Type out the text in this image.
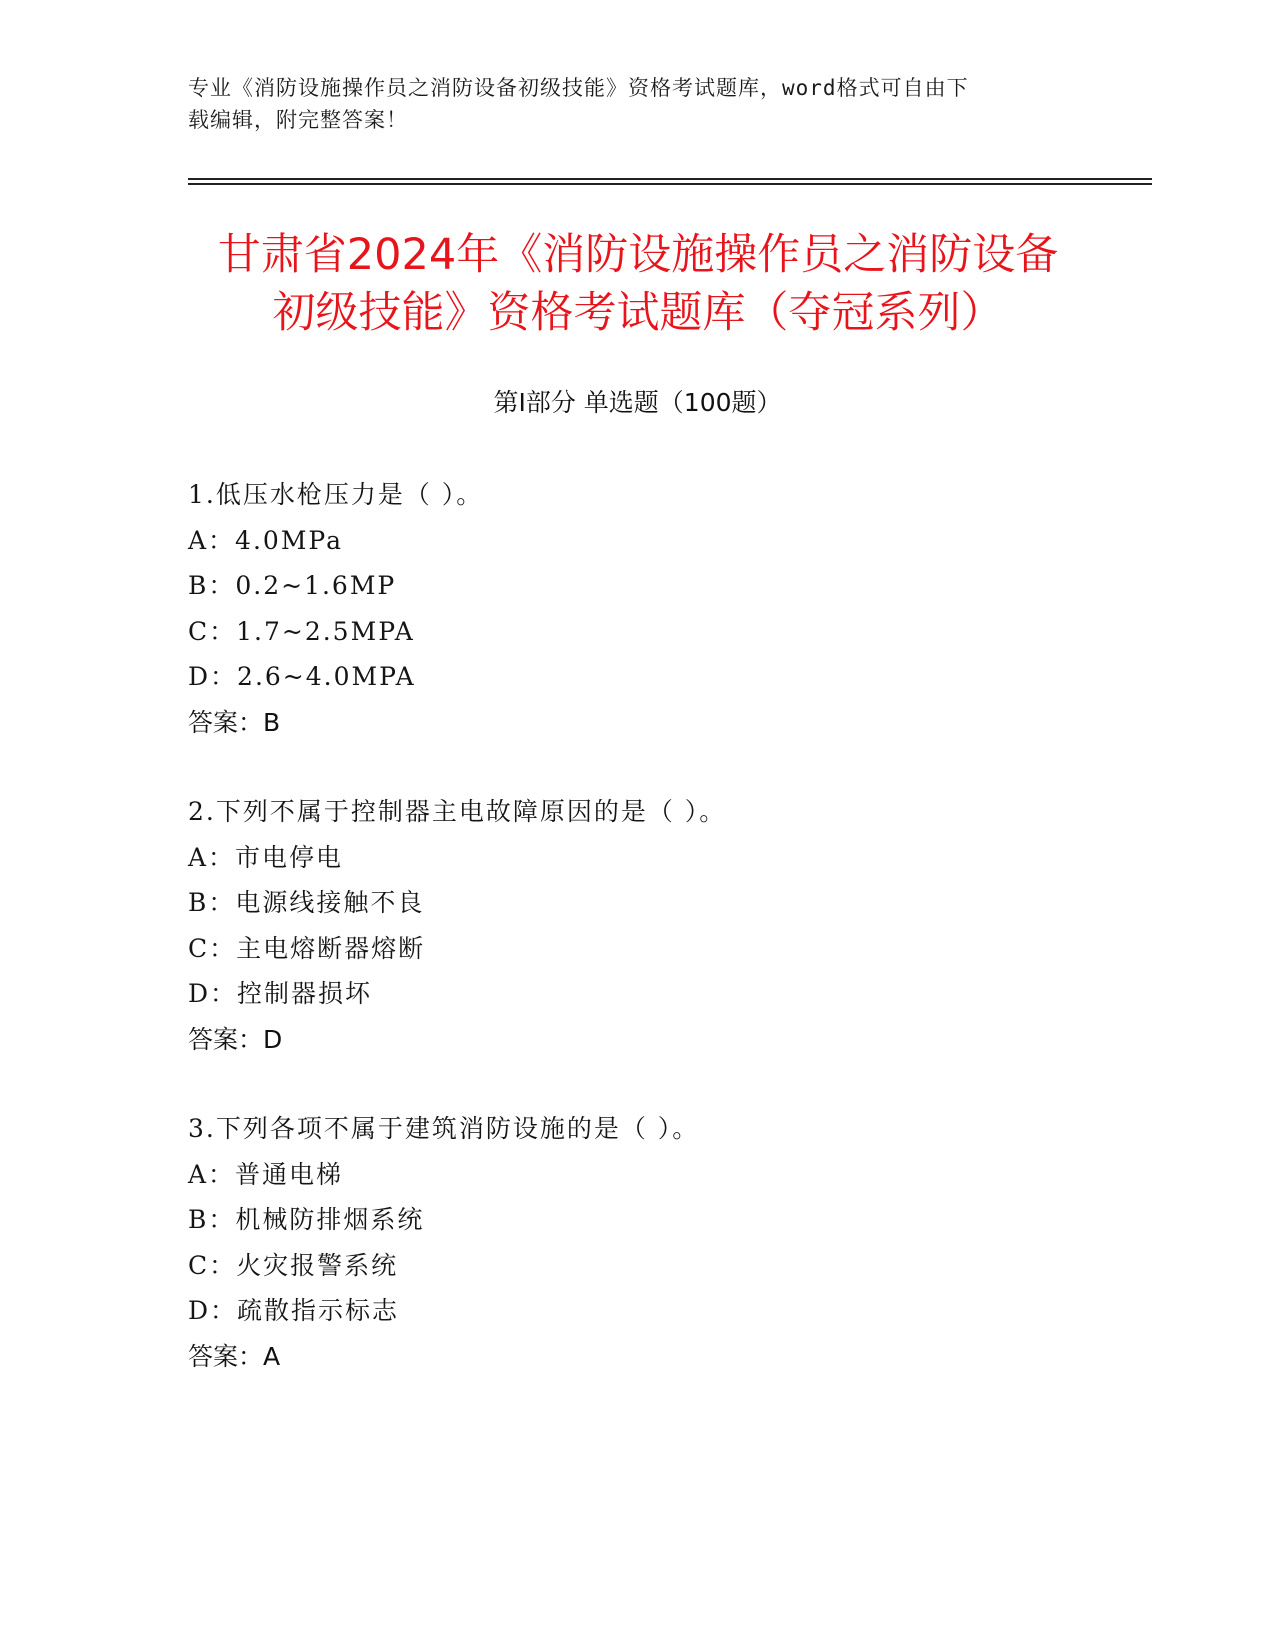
专业《消防设施操作员之消防设备初级技能》资格考试题库，word格式可自由下
载编辑，附完整答案！
甘肃省2024年《消防设施操作员之消防设备
初级技能》资格考试题库（夺冠系列）
第I部分 单选题（100题）
1.低压水枪压力是（ ）。
A：4.0MPa
B：0.2~1.6MP
C：1.7~2.5MPA
D：2.6~4.0MPA
答案：B
2.下列不属于控制器主电故障原因的是（ ）。
A：市电停电
B：电源线接触不良
C：主电熔断器熔断
D：控制器损坏
答案：D
3.下列各项不属于建筑消防设施的是（ ）。
A：普通电梯
B：机械防排烟系统
C：火灾报警系统
D：疏散指示标志
答案：A
